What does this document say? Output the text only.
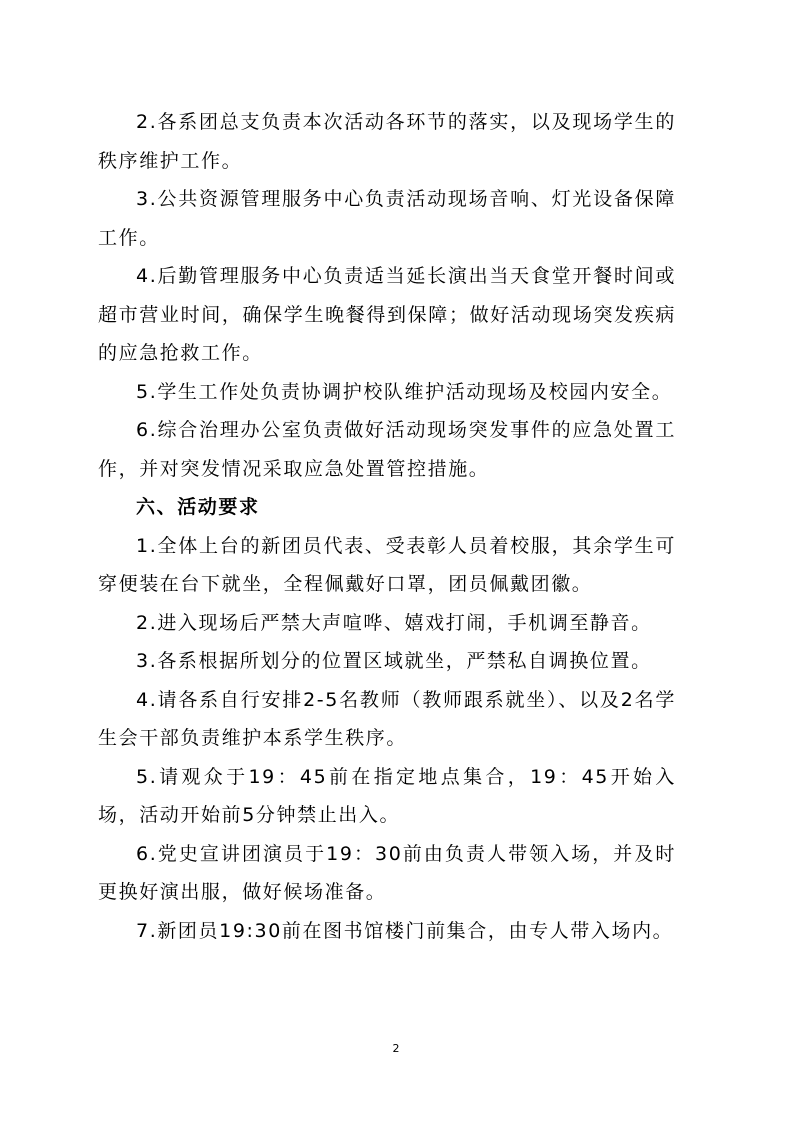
2.各系团总支负责本次活动各环节的落实，以及现场学生的秩序维护工作。

3.公共资源管理服务中心负责活动现场音响、灯光设备保障工作。

4.后勤管理服务中心负责适当延长演出当天食堂开餐时间或超市营业时间，确保学生晚餐得到保障；做好活动现场突发疾病的应急抢救工作。

5.学生工作处负责协调护校队维护活动现场及校园内安全。

6.综合治理办公室负责做好活动现场突发事件的应急处置工作，并对突发情况采取应急处置管控措施。

六、活动要求

1.全体上台的新团员代表、受表彰人员着校服，其余学生可穿便装在台下就坐，全程佩戴好口罩，团员佩戴团徽。

2.进入现场后严禁大声喧哗、嬉戏打闹，手机调至静音。

3.各系根据所划分的位置区域就坐，严禁私自调换位置。

4.请各系自行安排2-5名教师（教师跟系就坐）、以及2名学生会干部负责维护本系学生秩序。

5.请观众于19：45前在指定地点集合，19：45开始入场，活动开始前5分钟禁止出入。

6.党史宣讲团演员于19：30前由负责人带领入场，并及时更换好演出服，做好候场准备。

7.新团员19:30前在图书馆楼门前集合，由专人带入场内。

2
